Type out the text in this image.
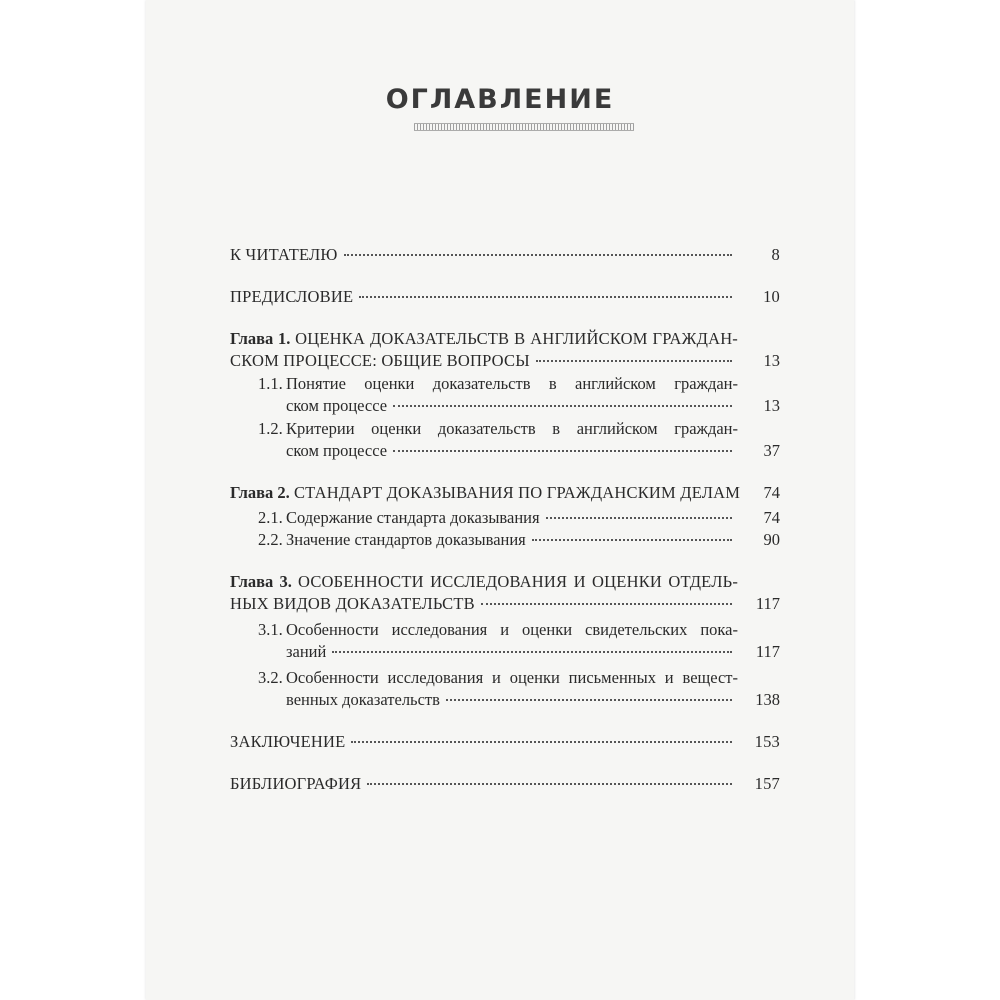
ОГЛАВЛЕНИЕ
К ЧИТАТЕЛЮ	8
ПРЕДИСЛОВИЕ	10
Глава 1. ОЦЕНКА ДОКАЗАТЕЛЬСТВ В АНГЛИЙСКОМ ГРАЖДАН-
СКОМ ПРОЦЕССЕ: ОБЩИЕ ВОПРОСЫ	13
1.1. Понятие оценки доказательств в английском граждан-
ском процессе	13
1.2. Критерии оценки доказательств в английском граждан-
ском процессе	37
Глава 2. СТАНДАРТ ДОКАЗЫВАНИЯ ПО ГРАЖДАНСКИМ ДЕЛАМ	74
2.1. Содержание стандарта доказывания	74
2.2. Значение стандартов доказывания	90
Глава 3. ОСОБЕННОСТИ ИССЛЕДОВАНИЯ И ОЦЕНКИ ОТДЕЛЬ-
НЫХ ВИДОВ ДОКАЗАТЕЛЬСТВ	117
3.1. Особенности исследования и оценки свидетельских пока-
заний	117
3.2. Особенности исследования и оценки письменных и вещест-
венных доказательств	138
ЗАКЛЮЧЕНИЕ	153
БИБЛИОГРАФИЯ	157
